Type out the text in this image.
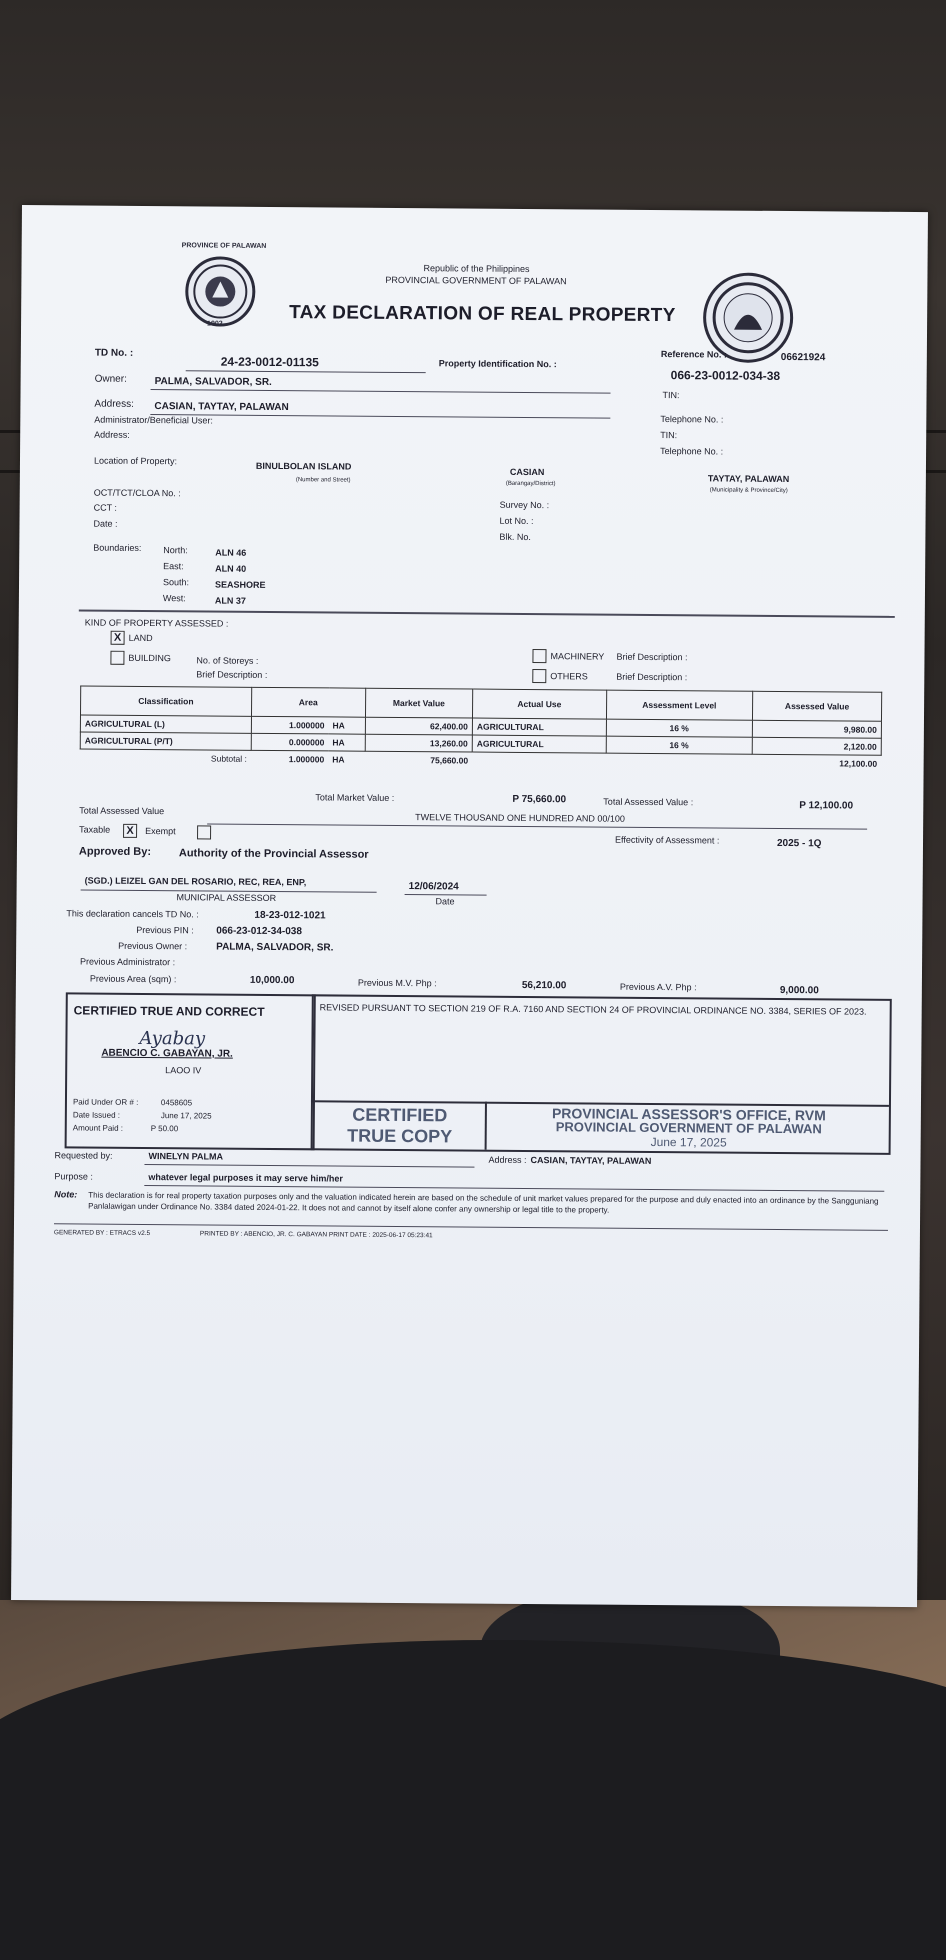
PROVINCE OF PALAWAN
1902
Republic of the Philippines
PROVINCIAL GOVERNMENT OF PALAWAN
TAX DECLARATION OF REAL PROPERTY
TD No. :
24-23-0012-01135	Property Identification No. :
066-23-0012-034-38
Reference No. :	06621924
Owner:	PALMA, SALVADOR, SR.
TIN:
Address: CASIAN, TAYTAY, PALAWAN
Administrator/Beneficial User:	Telephone No. :
Address:	TIN:
Telephone No. :
Location of Property:	BINULBOLAN ISLAND
(Number and Street)
CASIAN
(Barangay/District)	TAYTAY, PALAWAN
(Municipality & Province/City)
OCT/TCT/CLOA No. :
CCT :
Date :
Survey No. :
Lot No. :
Blk. No.
Boundaries: North:	ALN 46
East:	ALN 40
South:	SEASHORE
West:	ALN 37
KIND OF PROPERTY ASSESSED :
X LAND
BUILDING	No. of Storeys :
Brief Description :
MACHINERY Brief Description :
OTHERS	Brief Description :
Classification	Area		Market Value	Actual Use	Assessment Level	Assessed Value
AGRICULTURAL (L)	1.000000	HA	62,400.00	AGRICULTURAL	16 %	9,980.00
AGRICULTURAL (P/T)	0.000000	HA	13,260.00	AGRICULTURAL	16 %	2,120.00
Subtotal :	1.000000	HA	75,660.00			12,100.00
Total Market Value :	P 75,660.00	Total Assessed Value :	P 12,100.00
Total Assessed Value
TWELVE THOUSAND ONE HUNDRED AND 00/100
Taxable	X	Exempt
Effectivity of Assessment :	2025 - 1Q
Approved By:	Authority of the Provincial Assessor
(SGD.) LEIZEL GAN DEL ROSARIO, REC, REA, ENP,
MUNICIPAL ASSESSOR
12/06/2024
Date
This declaration cancels TD No. :	18-23-012-1021
Previous PIN : 066-23-012-34-038
Previous Owner :	PALMA, SALVADOR, SR.
Previous Administrator :
Previous Area (sqm) :	10,000.00	Previous M.V. Php :	56,210.00	Previous A.V. Php :	9,000.00
CERTIFIED TRUE AND CORRECT
Ayabay
ABENCIO C. GABAYAN, JR.
LAOO IV
Paid Under OR # :	0458605
Date Issued :	June 17, 2025
Amount Paid :	P 50.00
REVISED PURSUANT TO SECTION 219 OF R.A. 7160 AND SECTION 24 OF PROVINCIAL ORDINANCE NO. 3384, SERIES OF 2023.
CERTIFIED
TRUE COPY
PROVINCIAL ASSESSOR'S OFFICE, RVM
PROVINCIAL GOVERNMENT OF PALAWAN
June 17, 2025
Requested by:	WINELYN PALMA	Address : CASIAN, TAYTAY, PALAWAN
Purpose :	whatever legal purposes it may serve him/her
Note: This declaration is for real property taxation purposes only and the valuation indicated herein are based on the schedule of unit market values prepared for the purpose and duly enacted into an ordinance by the Sangguniang Panlalawigan under Ordinance No. 3384 dated 2024-01-22. It does not and cannot by itself alone confer any ownership or legal title to the property.
GENERATED BY : ETRACS v2.5	PRINTED BY : ABENCIO, JR. C. GABAYAN PRINT DATE : 2025-06-17 05:23:41
